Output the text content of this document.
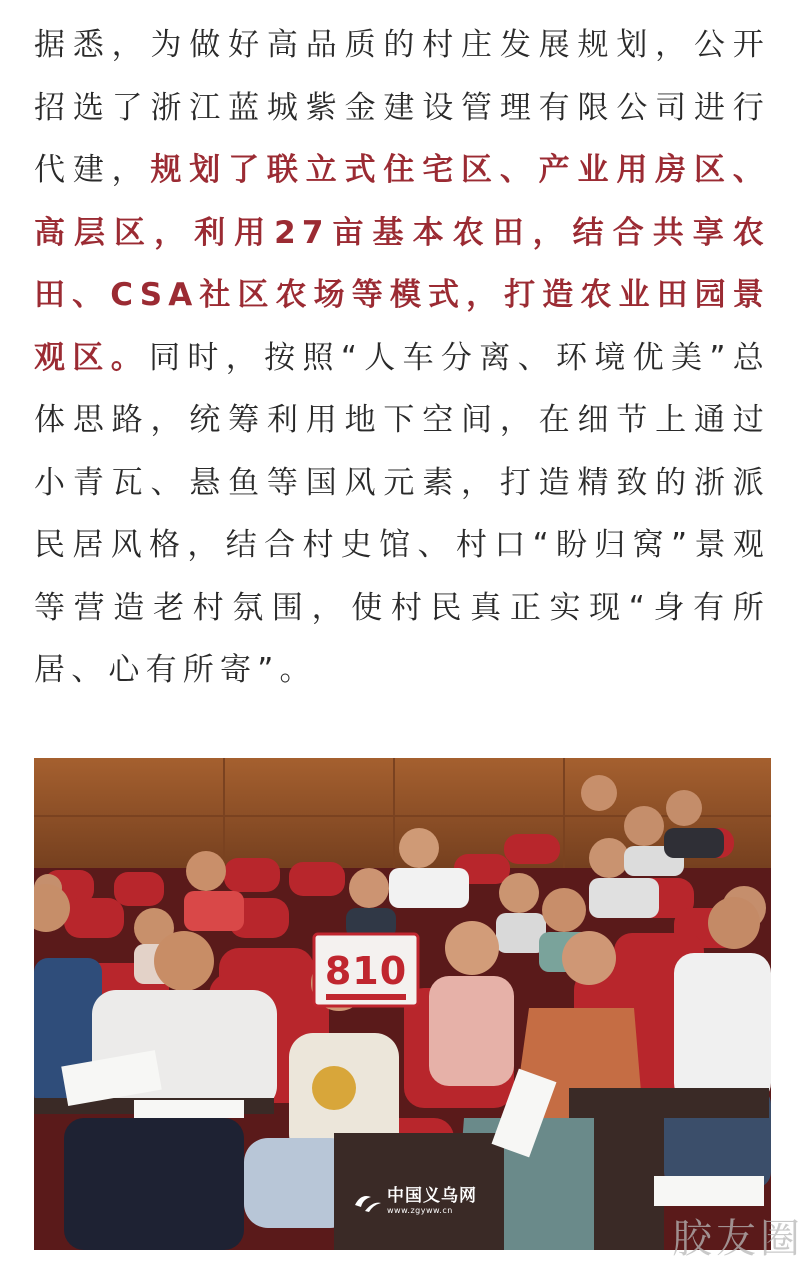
据悉，为做好高品质的村庄发展规划，公开招选了浙江蓝城紫金建设管理有限公司进行代建，规划了联立式住宅区、产业用房区、高层区，利用27亩基本农田，结合共享农田、CSA社区农场等模式，打造农业田园景观区。同时，按照“人车分离、环境优美”总体思路，统筹利用地下空间，在细节上通过小青瓦、悬鱼等国风元素，打造精致的浙派民居风格，结合村史馆、村口“盼归窝”景观等营造老村氛围，使村民真正实现“身有所居、心有所寄”。
810
中国义乌网
www.zgyww.cn
胶友圈
